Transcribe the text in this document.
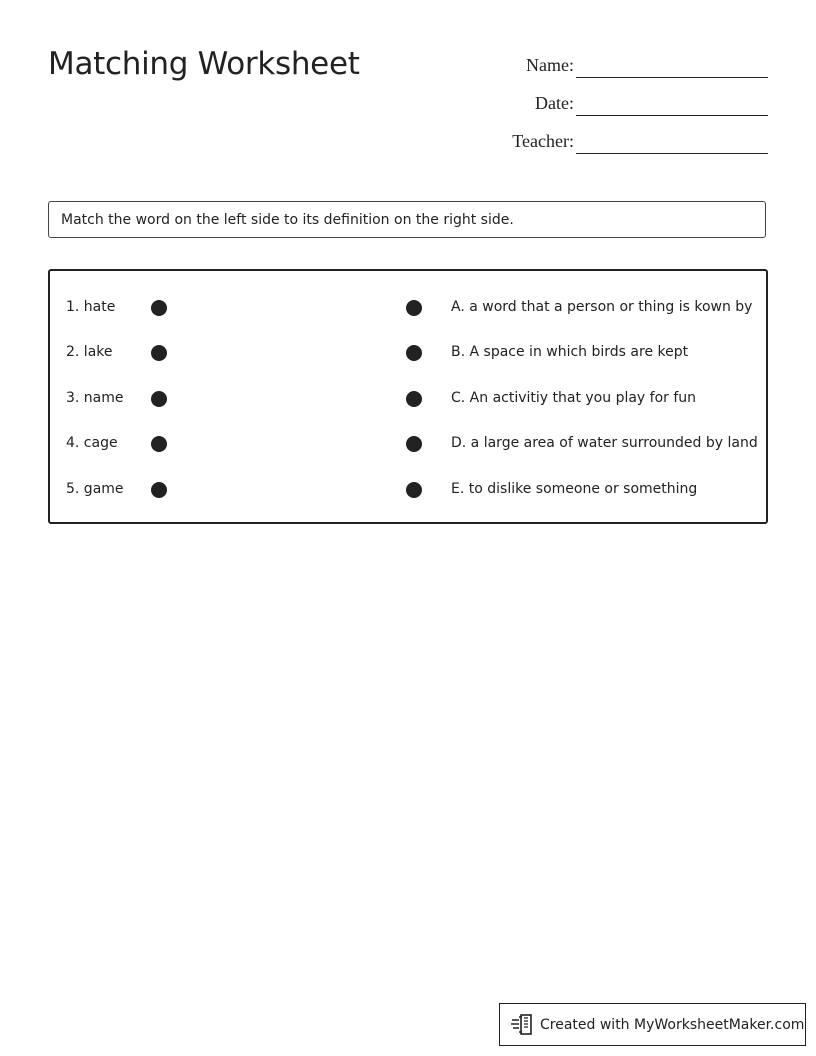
Matching Worksheet	Name:
Date:
Teacher:
Match the word on the left side to its definition on the right side.
1. hate	A. a word that a person or thing is kown by
2. lake	B. A space in which birds are kept
3. name	C. An activitiy that you play for fun
4. cage	D. a large area of water surrounded by land
5. game	E. to dislike someone or something
Created with MyWorksheetMaker.com
